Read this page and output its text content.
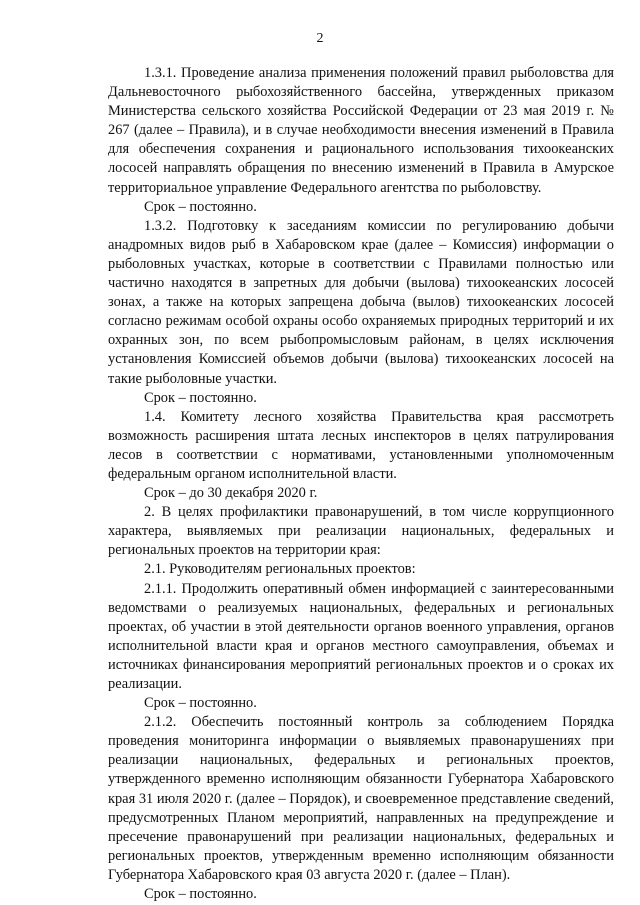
2

1.3.1. Проведение анализа применения положений правил рыболовства для Дальневосточного рыбохозяйственного бассейна, утвержденных приказом Министерства сельского хозяйства Российской Федерации от 23 мая 2019 г. № 267 (далее – Правила), и в случае необходимости внесения изменений в Правила для обеспечения сохранения и рационального использования тихоокеанских лососей направлять обращения по внесению изменений в Правила в Амурское территориальное управление Федерального агентства по рыболовству.

Срок – постоянно.

1.3.2. Подготовку к заседаниям комиссии по регулированию добычи анадромных видов рыб в Хабаровском крае (далее – Комиссия) информации о рыболовных участках, которые в соответствии с Правилами полностью или частично находятся в запретных для добычи (вылова) тихоокеанских лососей зонах, а также на которых запрещена добыча (вылов) тихоокеанских лососей согласно режимам особой охраны особо охраняемых природных территорий и их охранных зон, по всем рыбопромысловым районам, в целях исключения установления Комиссией объемов добычи (вылова) тихоокеанских лососей на такие рыболовные участки.

Срок – постоянно.

1.4. Комитету лесного хозяйства Правительства края рассмотреть возможность расширения штата лесных инспекторов в целях патрулирования лесов в соответствии с нормативами, установленными уполномоченным федеральным органом исполнительной власти.

Срок – до 30 декабря 2020 г.

2. В целях профилактики правонарушений, в том числе коррупционного характера, выявляемых при реализации национальных, федеральных и региональных проектов на территории края:

2.1. Руководителям региональных проектов:

2.1.1. Продолжить оперативный обмен информацией с заинтересованными ведомствами о реализуемых национальных, федеральных и региональных проектах, об участии в этой деятельности органов военного управления, органов исполнительной власти края и органов местного самоуправления, объемах и источниках финансирования мероприятий региональных проектов и о сроках их реализации.

Срок – постоянно.

2.1.2. Обеспечить постоянный контроль за соблюдением Порядка проведения мониторинга информации о выявляемых правонарушениях при реализации национальных, федеральных и региональных проектов, утвержденного временно исполняющим обязанности Губернатора Хабаровского края 31 июля 2020 г. (далее – Порядок), и своевременное представление сведений, предусмотренных Планом мероприятий, направленных на предупреждение и пресечение правонарушений при реализации национальных, федеральных и региональных проектов, утвержденным временно исполняющим обязанности Губернатора Хабаровского края 03 августа 2020 г. (далее – План).

Срок – постоянно.
